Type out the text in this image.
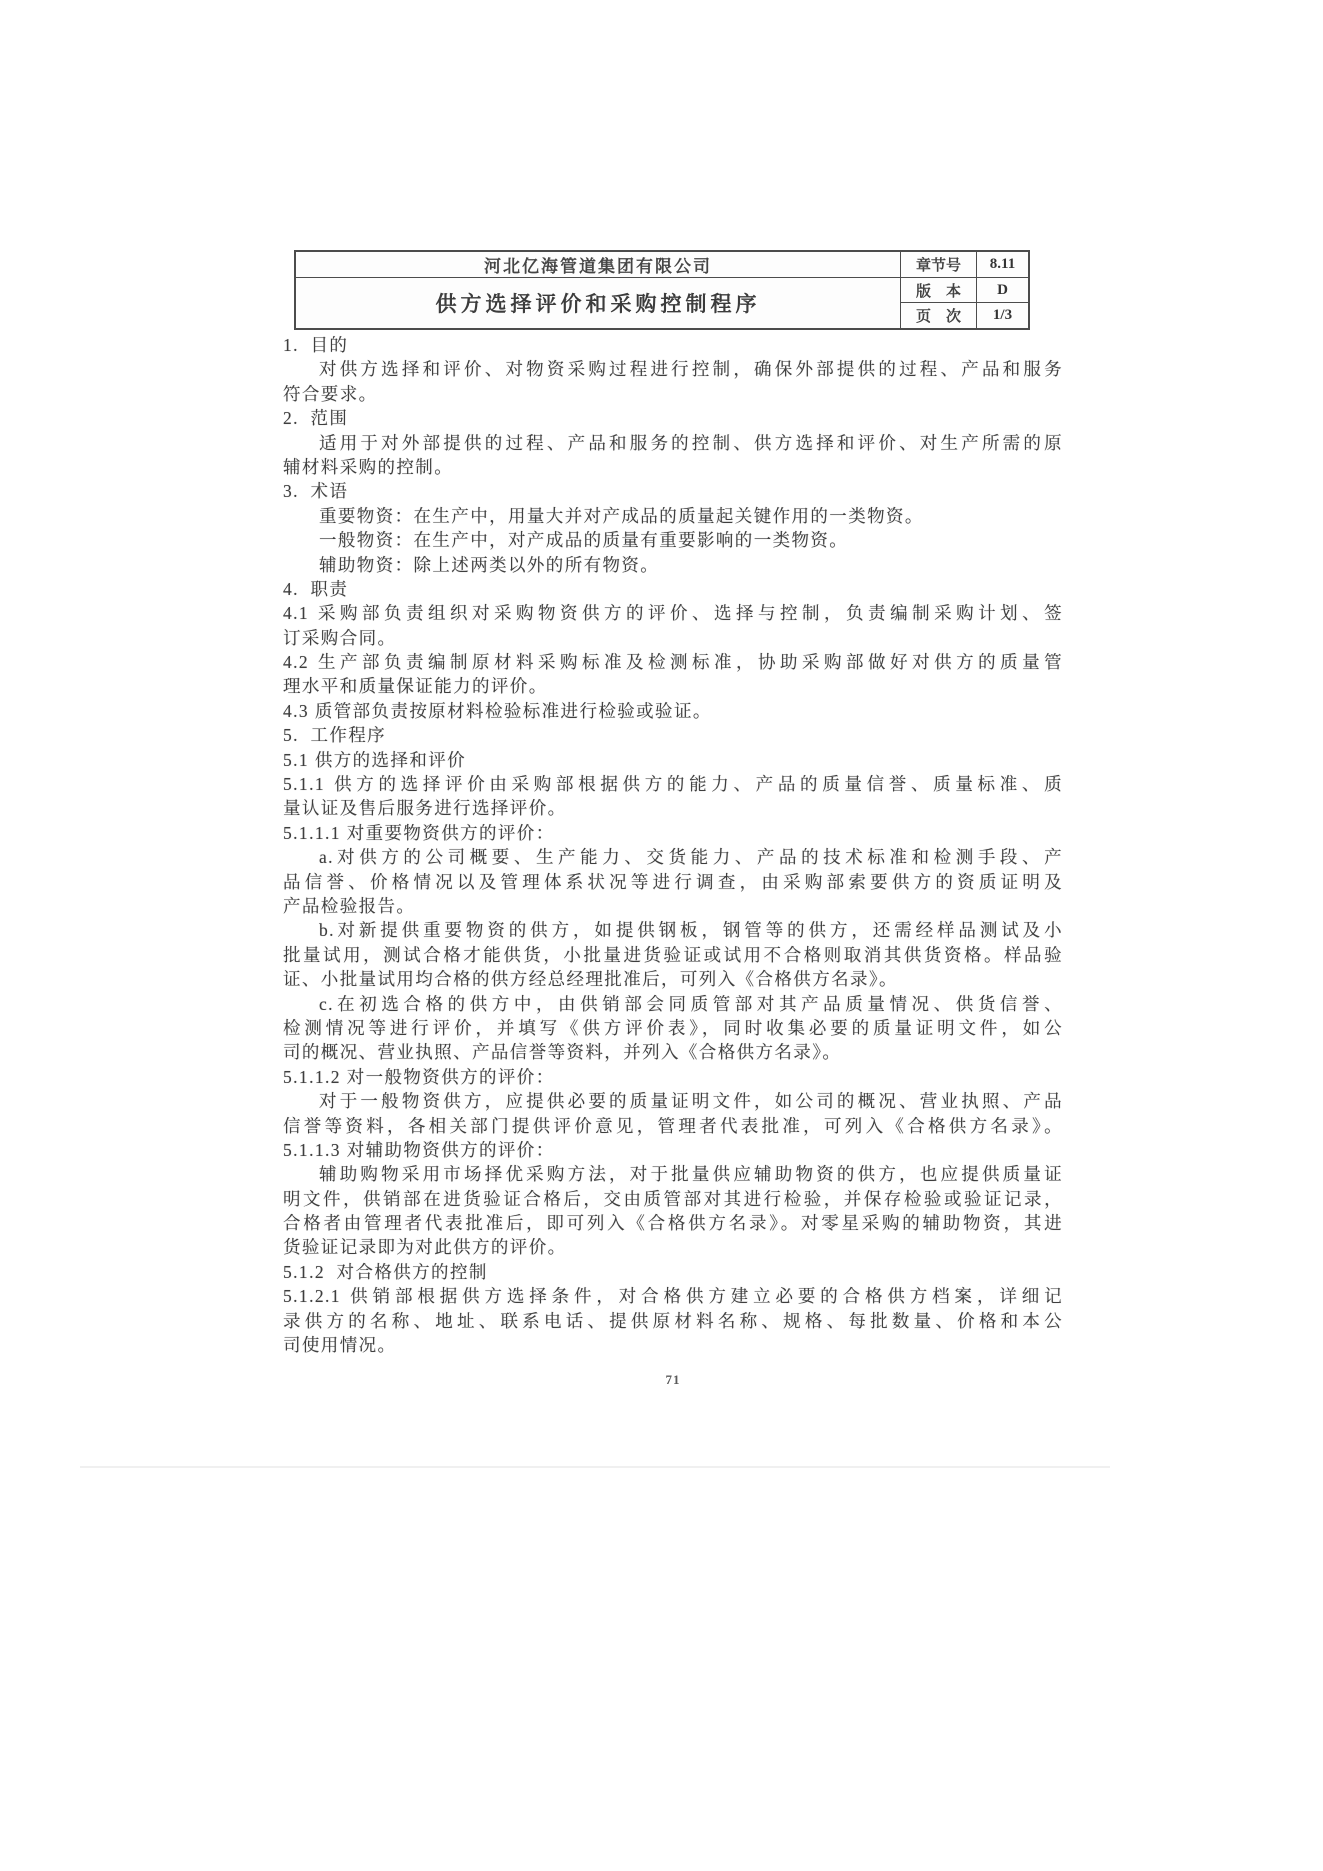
河北亿海管道集团有限公司
供方选择评价和采购控制程序
章节号	8.11
版　本	D
页　次	1/3
1.  目的
对供方选择和评价、对物资采购过程进行控制，确保外部提供的过程、产品和服务
符合要求。
2.  范围
适用于对外部提供的过程、产品和服务的控制、供方选择和评价、对生产所需的原
辅材料采购的控制。
3.  术语
重要物资：在生产中，用量大并对产成品的质量起关键作用的一类物资。
一般物资：在生产中，对产成品的质量有重要影响的一类物资。
辅助物资：除上述两类以外的所有物资。
4.  职责
4.1 采购部负责组织对采购物资供方的评价、选择与控制，负责编制采购计划、签
订采购合同。
4.2 生产部负责编制原材料采购标准及检测标准，协助采购部做好对供方的质量管
理水平和质量保证能力的评价。
4.3 质管部负责按原材料检验标准进行检验或验证。
5.  工作程序
5.1 供方的选择和评价
5.1.1 供方的选择评价由采购部根据供方的能力、产品的质量信誉、质量标准、质
量认证及售后服务进行选择评价。
5.1.1.1 对重要物资供方的评价：
a.对供方的公司概要、生产能力、交货能力、产品的技术标准和检测手段、产
品信誉、价格情况以及管理体系状况等进行调查，由采购部索要供方的资质证明及
产品检验报告。
b.对新提供重要物资的供方，如提供钢板，钢管等的供方，还需经样品测试及小
批量试用，测试合格才能供货，小批量进货验证或试用不合格则取消其供货资格。样品验
证、小批量试用均合格的供方经总经理批准后，可列入《合格供方名录》。
c.在初选合格的供方中，由供销部会同质管部对其产品质量情况、供货信誉、
检测情况等进行评价，并填写《供方评价表》，同时收集必要的质量证明文件，如公
司的概况、营业执照、产品信誉等资料，并列入《合格供方名录》。
5.1.1.2 对一般物资供方的评价：
对于一般物资供方，应提供必要的质量证明文件，如公司的概况、营业执照、产品
信誉等资料，各相关部门提供评价意见，管理者代表批准，可列入《合格供方名录》。
5.1.1.3 对辅助物资供方的评价：
辅助购物采用市场择优采购方法，对于批量供应辅助物资的供方，也应提供质量证
明文件，供销部在进货验证合格后，交由质管部对其进行检验，并保存检验或验证记录，
合格者由管理者代表批准后，即可列入《合格供方名录》。对零星采购的辅助物资，其进
货验证记录即为对此供方的评价。
5.1.2  对合格供方的控制
5.1.2.1 供销部根据供方选择条件，对合格供方建立必要的合格供方档案，详细记
录供方的名称、地址、联系电话、提供原材料名称、规格、每批数量、价格和本公
司使用情况。
71
